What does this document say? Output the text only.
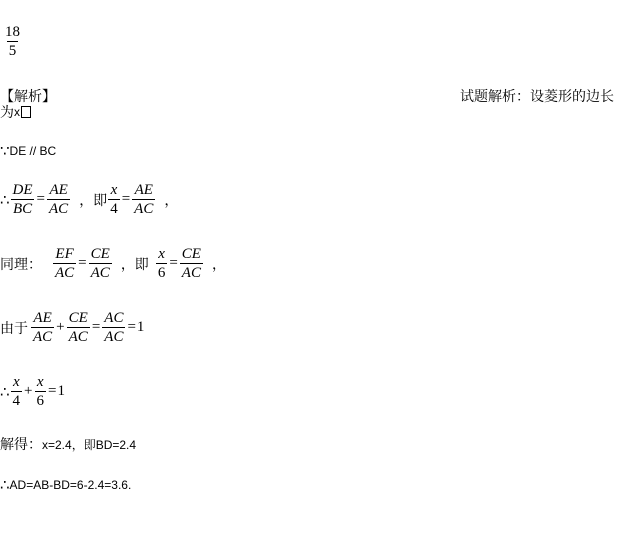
$\frac{18}{5}$
【解析】	试题解析：设菱形的边长
为 x
∵ DE // BC
∴ $\frac{DE}{BC} = \frac{AE}{AC}$ ，即 $\frac{x}{4} = \frac{AE}{AC}$ ，
同理： $\frac{EF}{AC} = \frac{CE}{AC}$ ，即 $\frac{x}{6} = \frac{CE}{AC}$ ，
由于 $\frac{AE}{AC} + \frac{CE}{AC} = \frac{AC}{AC} = 1$
∴ $\frac{x}{4} + \frac{x}{6} = 1$
解得： x=2.4，即BD=2.4
∴ AD=AB-BD=6-2.4=3.6.
